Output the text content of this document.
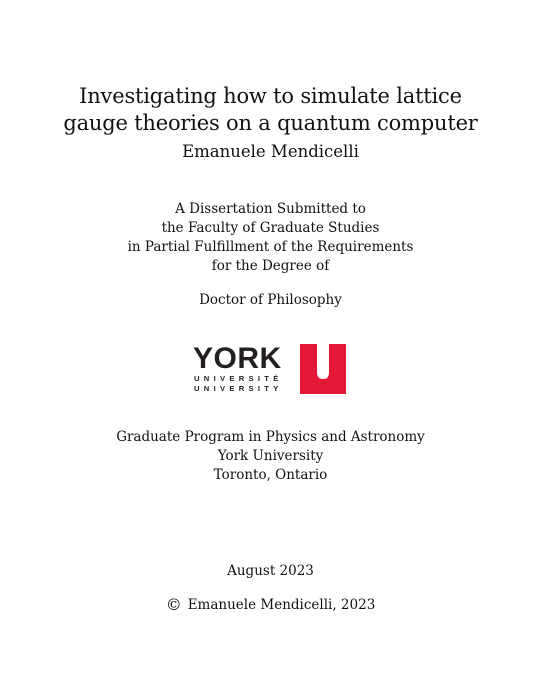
Investigating how to simulate lattice
gauge theories on a quantum computer
Emanuele Mendicelli
A Dissertation Submitted to
the Faculty of Graduate Studies
in Partial Fulfillment of the Requirements
for the Degree of
Doctor of Philosophy
YORK
UNIVERSITÉ
UNIVERSITY
Graduate Program in Physics and Astronomy
York University
Toronto, Ontario
August 2023
© Emanuele Mendicelli, 2023
